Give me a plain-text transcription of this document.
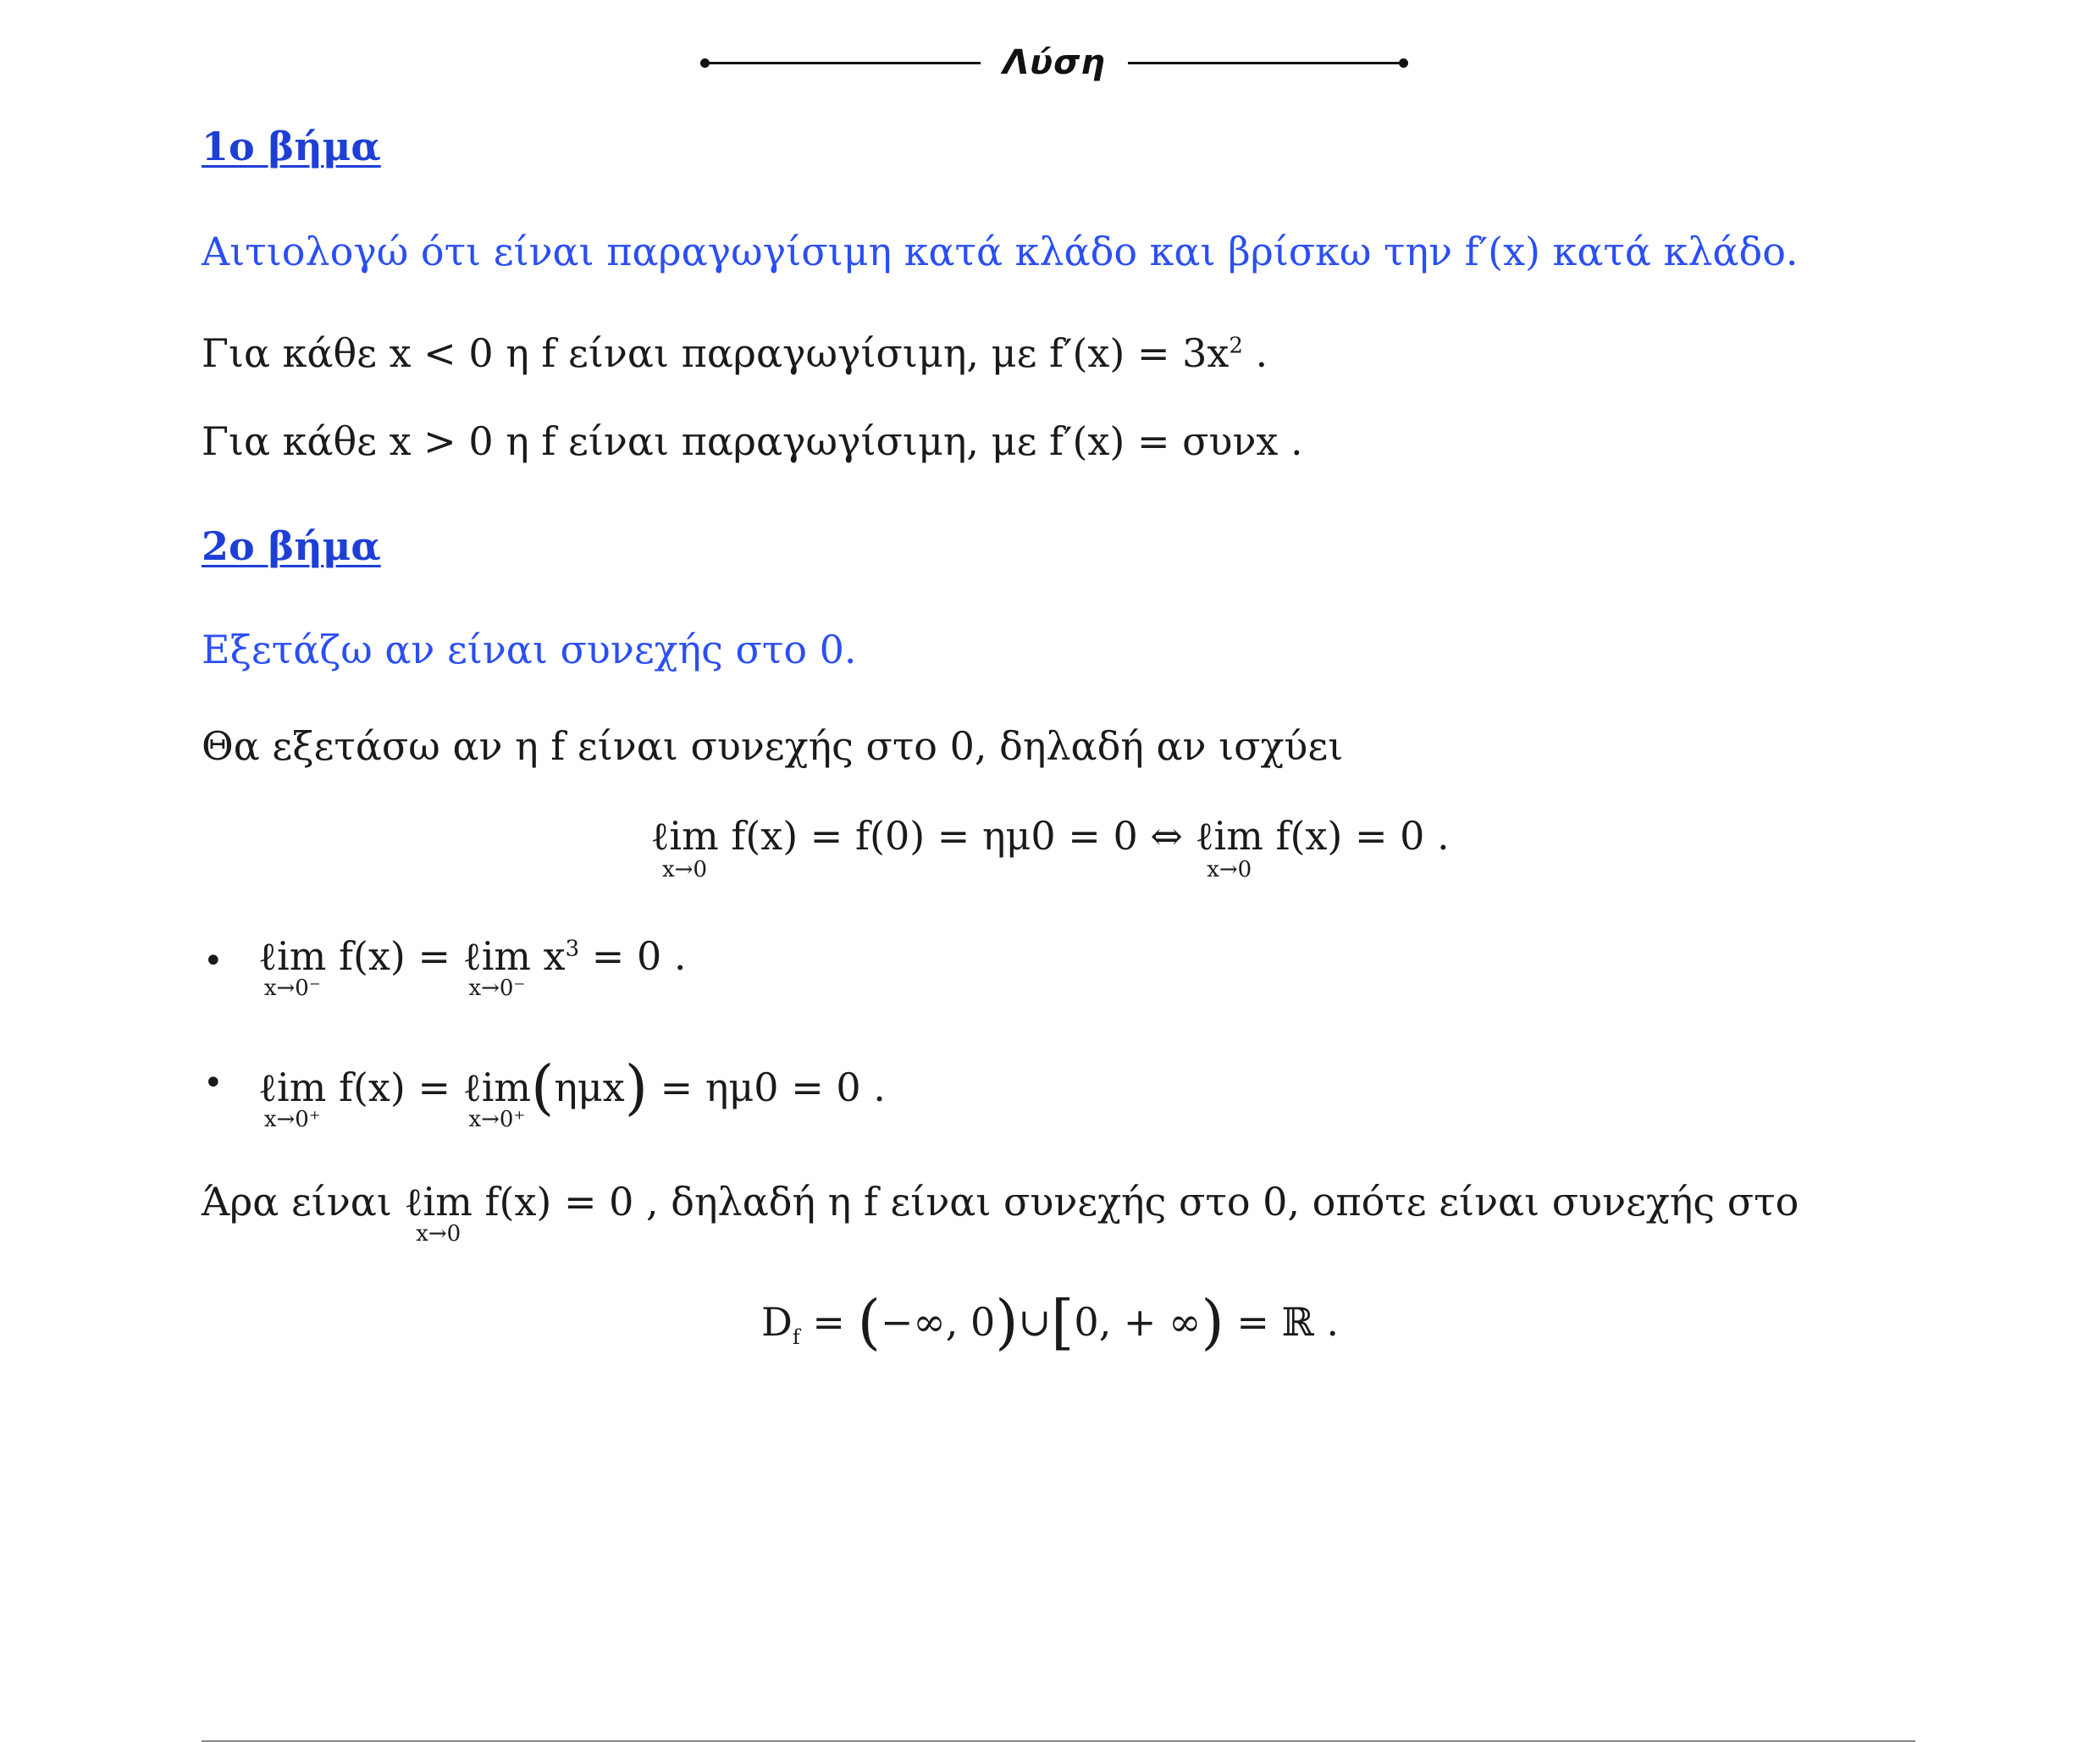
Λύση
1ο βήμα
Αιτιολογώ ότι είναι παραγωγίσιμη κατά κλάδο και βρίσκω την f′(x) κατά κλάδο.
Για κάθε x < 0 η f είναι παραγωγίσιμη, με $f'(x) = 3x^2$ .
Για κάθε x > 0 η f είναι παραγωγίσιμη, με f′(x) = συνx .
2ο βήμα
Εξετάζω αν είναι συνεχής στο 0.
Θα εξετάσω αν η f είναι συνεχής στο 0, δηλαδή αν ισχύει
ℓim
x→0
f(x) = f(0) = ημ0 = 0 ⇔ ℓim
x→0
f(x) = 0 .
• ℓim
x→0⁻
f(x) = ℓim
x→0⁻
$x^3 = 0$ .
• ℓim
x→0⁺
f(x) = ℓim
x→0⁺ (ημx) = ημ0 = 0 .
Άρα είναι ℓim
x→0
f(x) = 0 , δηλαδή η f είναι συνεχής στο 0, οπότε είναι συνεχής στο
$D_f$ = (−∞, 0)∪[0, + ∞) = ℝ .
